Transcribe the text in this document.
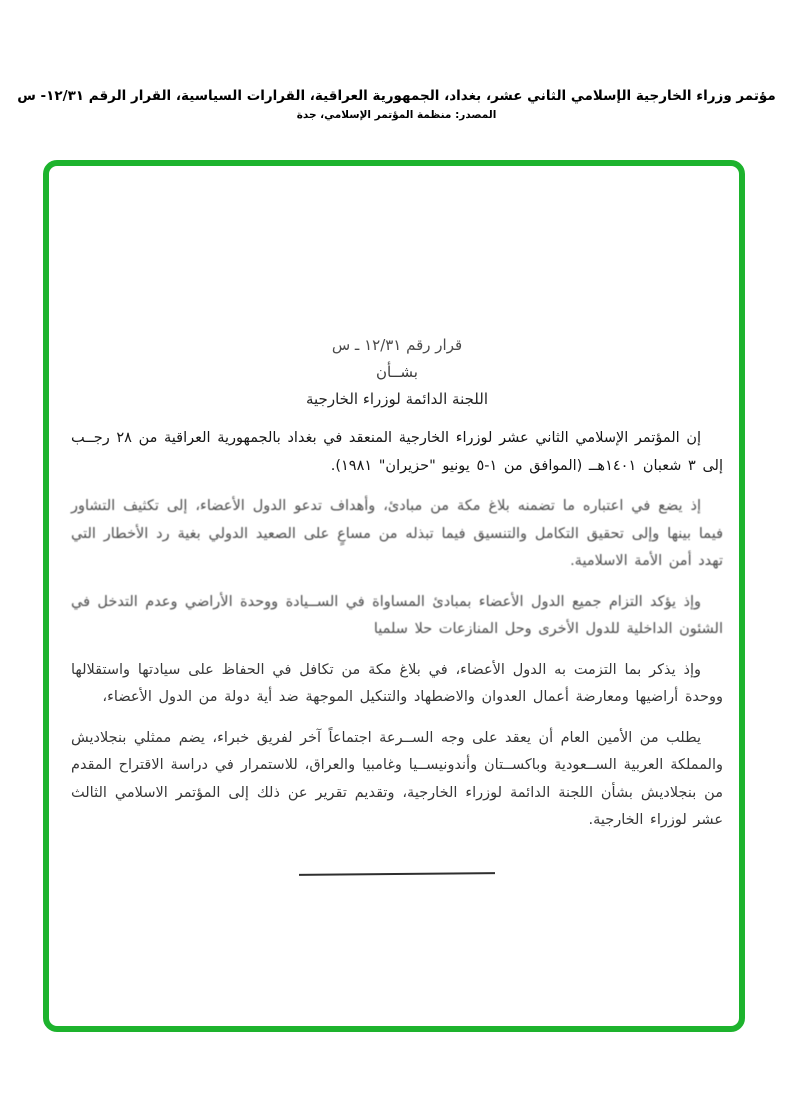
مؤتمر وزراء الخارجية الإسلامي الثاني عشر، بغداد، الجمهورية العراقية، القرارات السياسية، القرار الرقم ١٢/٣١- س
المصدر: منظمة المؤتمر الإسلامي، جدة
قرار رقم ١٢/٣١ ـ س
بشــأن
اللجنة الدائمة لوزراء الخارجية

إن المؤتمر الإسلامي الثاني عشر لوزراء الخارجية المنعقد في بغداد بالجمهورية العراقية من ٢٨ رجــب إلى ٣ شعبان ١٤٠١هــ (الموافق من ١-٥ يونيو "حزيران" ١٩٨١).

إذ يضع في اعتباره ما تضمنه بلاغ مكة من مبادئ، وأهداف تدعو الدول الأعضاء، إلى تكثيف التشاور فيما بينها وإلى تحقيق التكامل والتنسيق فيما تبذله من مساعٍ على الصعيد الدولي بغية رد الأخطار التي تهدد أمن الأمة الاسلامية.

وإذ يؤكد التزام جميع الدول الأعضاء بمبادئ المساواة في الســيادة ووحدة الأراضي وعدم التدخل في الشئون الداخلية للدول الأخرى وحل المنازعات حلا سلميا

وإذ يذكر بما التزمت به الدول الأعضاء، في بلاغ مكة من تكافل في الحفاظ على سيادتها واستقلالها ووحدة أراضيها ومعارضة أعمال العدوان والاضطهاد والتنكيل الموجهة ضد أية دولة من الدول الأعضاء،

يطلب من الأمين العام أن يعقد على وجه الســرعة اجتماعاً آخر لفريق خبراء، يضم ممثلي بنجلاديش والمملكة العربية الســعودية وباكســتان وأندونيســيا وغامبيا والعراق، للاستمرار في دراسة الاقتراح المقدم من بنجلاديش بشأن اللجنة الدائمة لوزراء الخارجية، وتقديم تقرير عن ذلك إلى المؤتمر الاسلامي الثالث عشر لوزراء الخارجية.
